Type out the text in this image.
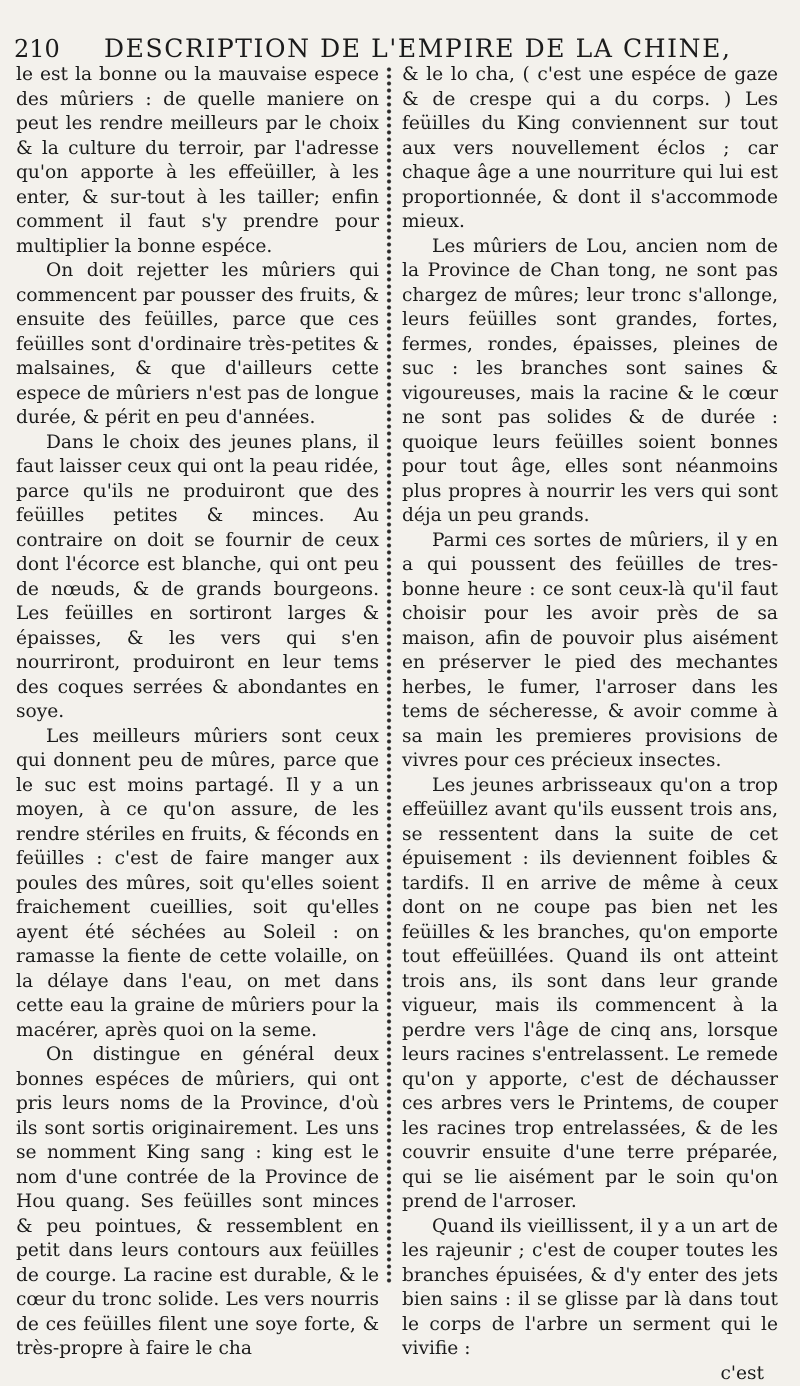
210 DESCRIPTION DE L'EMPIRE DE LA CHINE,

le est la bonne ou la mauvaise espece des mûriers : de quelle maniere on peut les rendre meilleurs par le choix & la culture du terroir, par l'adresse qu'on apporte à les effeüiller, à les enter, & sur-tout à les tailler; enfin comment il faut s'y prendre pour multiplier la bonne espéce.

On doit rejetter les mûriers qui commencent par pousser des fruits, & ensuite des feüilles, parce que ces feüilles sont d'ordinaire très-petites & malsaines, & que d'ailleurs cette espece de mûriers n'est pas de longue durée, & périt en peu d'années.

Dans le choix des jeunes plans, il faut laisser ceux qui ont la peau ridée, parce qu'ils ne produiront que des feüilles petites & minces. Au contraire on doit se fournir de ceux dont l'écorce est blanche, qui ont peu de nœuds, & de grands bourgeons. Les feüilles en sortiront larges & épaisses, & les vers qui s'en nourriront, produiront en leur tems des coques serrées & abondantes en soye.

Les meilleurs mûriers sont ceux qui donnent peu de mûres, parce que le suc est moins partagé. Il y a un moyen, à ce qu'on assure, de les rendre stériles en fruits, & féconds en feüilles : c'est de faire manger aux poules des mûres, soit qu'elles soient fraichement cueillies, soit qu'elles ayent été séchées au Soleil : on ramasse la fiente de cette volaille, on la délaye dans l'eau, on met dans cette eau la graine de mûriers pour la macérer, après quoi on la seme.

On distingue en général deux bonnes espéces de mûriers, qui ont pris leurs noms de la Province, d'où ils sont sortis originairement. Les uns se nomment King sang : king est le nom d'une contrée de la Province de Hou quang. Ses feüilles sont minces & peu pointues, & ressemblent en petit dans leurs contours aux feüilles de courge. La racine est durable, & le cœur du tronc solide. Les vers nourris de ces feüilles filent une soye forte, & très-propre à faire le cha

& le lo cha, ( c'est une espéce de gaze & de crespe qui a du corps. ) Les feüilles du King conviennent sur tout aux vers nouvellement éclos ; car chaque âge a une nourriture qui lui est proportionnée, & dont il s'accommode mieux.

Les mûriers de Lou, ancien nom de la Province de Chan tong, ne sont pas chargez de mûres; leur tronc s'allonge, leurs feüilles sont grandes, fortes, fermes, rondes, épaisses, pleines de suc : les branches sont saines & vigoureuses, mais la racine & le cœur ne sont pas solides & de durée : quoique leurs feüilles soient bonnes pour tout âge, elles sont néanmoins plus propres à nourrir les vers qui sont déja un peu grands.

Parmi ces sortes de mûriers, il y en a qui poussent des feüilles de tres-bonne heure : ce sont ceux-là qu'il faut choisir pour les avoir près de sa maison, afin de pouvoir plus aisément en préserver le pied des mechantes herbes, le fumer, l'arroser dans les tems de sécheresse, & avoir comme à sa main les premieres provisions de vivres pour ces précieux insectes.

Les jeunes arbrisseaux qu'on a trop effeüillez avant qu'ils eussent trois ans, se ressentent dans la suite de cet épuisement : ils deviennent foibles & tardifs. Il en arrive de même à ceux dont on ne coupe pas bien net les feüilles & les branches, qu'on emporte tout effeüillées. Quand ils ont atteint trois ans, ils sont dans leur grande vigueur, mais ils commencent à la perdre vers l'âge de cinq ans, lorsque leurs racines s'entrelassent. Le remede qu'on y apporte, c'est de déchausser ces arbres vers le Printems, de couper les racines trop entrelassées, & de les couvrir ensuite d'une terre préparée, qui se lie aisément par le soin qu'on prend de l'arroser.

Quand ils vieillissent, il y a un art de les rajeunir ; c'est de couper toutes les branches épuisées, & d'y enter des jets bien sains : il se glisse par là dans tout le corps de l'arbre un serment qui le vivifie :

c'est
